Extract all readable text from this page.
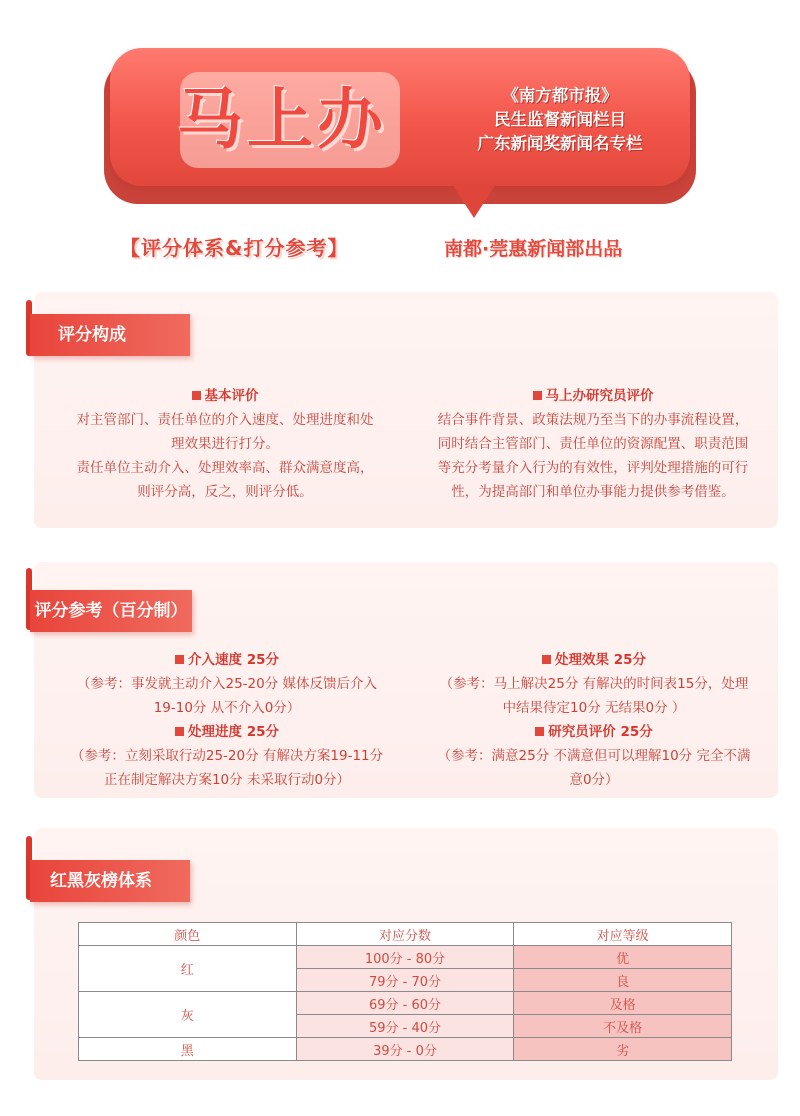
马上办	《南方都市报》
民生监督新闻栏目
广东新闻奖新闻名专栏
【评分体系&打分参考】	南都·莞惠新闻部出品
评分构成
基本评价
对主管部门、责任单位的介入速度、处理进度和处
理效果进行打分。
责任单位主动介入、处理效率高、群众满意度高，
则评分高，反之，则评分低。
马上办研究员评价
结合事件背景、政策法规乃至当下的办事流程设置，
同时结合主管部门、责任单位的资源配置、职责范围
等充分考量介入行为的有效性，评判处理措施的可行
性，为提高部门和单位办事能力提供参考借鉴。
评分参考（百分制）
介入速度 25分
（参考：事发就主动介入25-20分 媒体反馈后介入
19-10分 从不介入0分）
处理效果 25分
（参考：马上解决25分 有解决的时间表15分，处理
中结果待定10分 无结果0分 ）
处理进度 25分
（参考：立刻采取行动25-20分 有解决方案19-11分
正在制定解决方案10分 未采取行动0分）
研究员评价 25分
（参考：满意25分 不满意但可以理解10分 完全不满
意0分）
红黑灰榜体系
颜色	对应分数	对应等级
红	100分 - 80分	优
	79分 - 70分	良
灰	69分 - 60分	及格
	59分 - 40分	不及格
黑	39分 - 0分	劣
